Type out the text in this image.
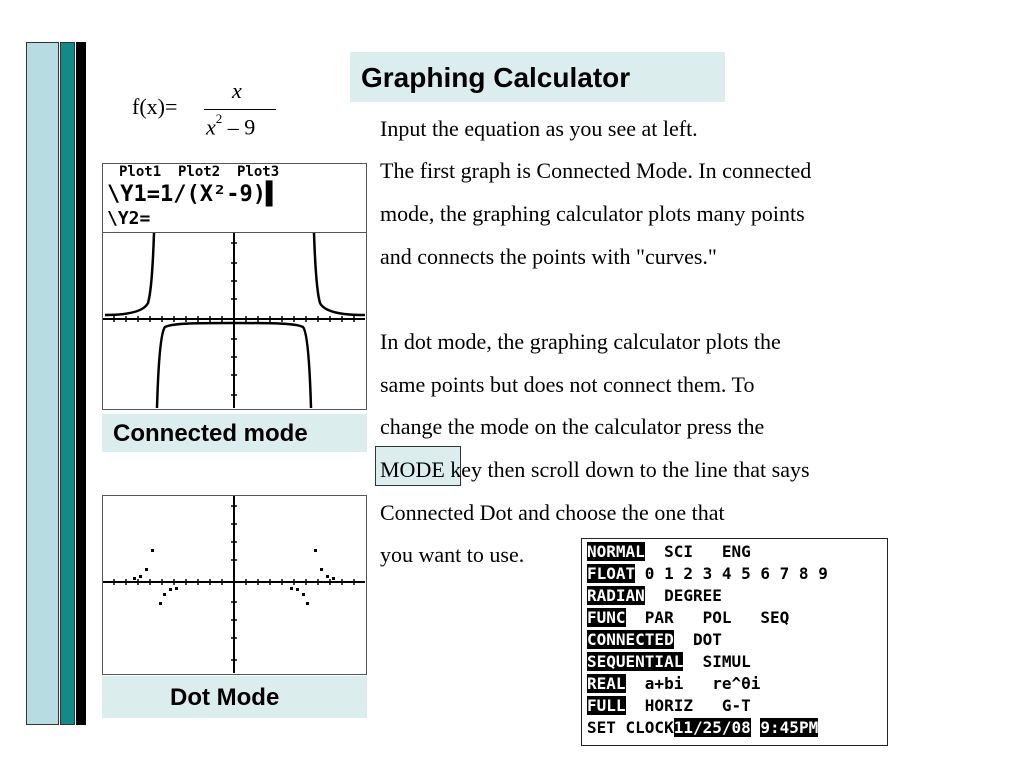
Graphing Calculator
f(x)=
x
$x^2 - 9$	Input the equation as you see at left.
The first graph is Connected Mode. In connected
mode, the graphing calculator plots many points
and connects the points with "curves."
In dot mode, the graphing calculator plots the
same points but does not connect them. To
change the mode on the calculator press the
MODE key then scroll down to the line that says
Connected Dot and choose the one that
you want to use.
Plot1  Plot2  Plot3
\Y1=1/(X²-9)▌
\Y2=
Connected mode
Dot Mode
NORMAL  SCI   ENG
FLOAT 0 1 2 3 4 5 6 7 8 9
RADIAN  DEGREE
FUNC  PAR   POL   SEQ
CONNECTED  DOT
SEQUENTIAL  SIMUL
REAL  a+bi   re^θi
FULL  HORIZ   G-T
SET CLOCK11/25/08 9:45PM
